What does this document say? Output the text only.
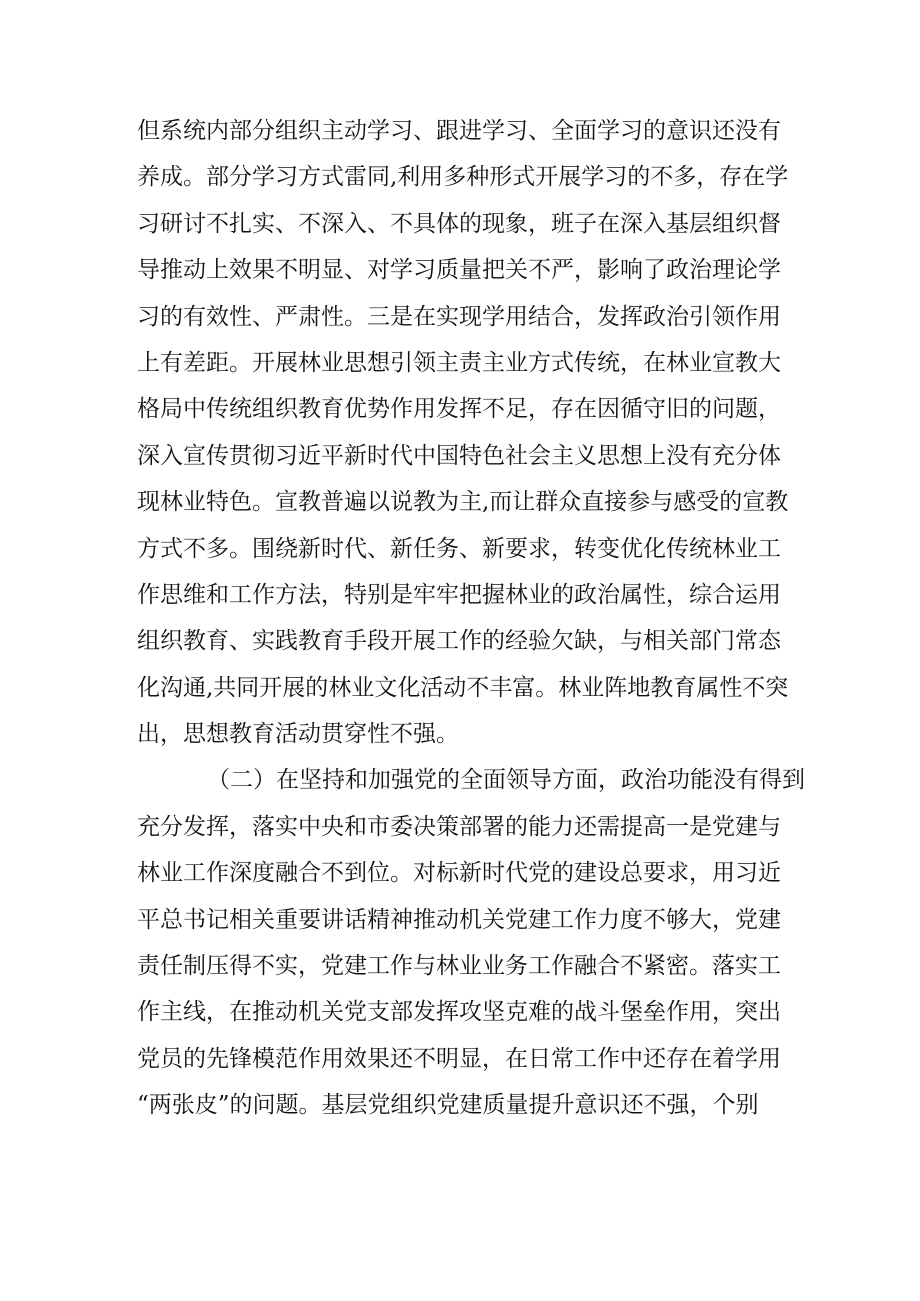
但系统内部分组织主动学习、跟进学习、全面学习的意识还没有
养成。部分学习方式雷同,利用多种形式开展学习的不多，存在学
习研讨不扎实、不深入、不具体的现象，班子在深入基层组织督
导推动上效果不明显、对学习质量把关不严，影响了政治理论学
习的有效性、严肃性。三是在实现学用结合，发挥政治引领作用
上有差距。开展林业思想引领主责主业方式传统，在林业宣教大
格局中传统组织教育优势作用发挥不足，存在因循守旧的问题，
深入宣传贯彻习近平新时代中国特色社会主义思想上没有充分体
现林业特色。宣教普遍以说教为主,而让群众直接参与感受的宣教
方式不多。围绕新时代、新任务、新要求，转变优化传统林业工
作思维和工作方法，特别是牢牢把握林业的政治属性，综合运用
组织教育、实践教育手段开展工作的经验欠缺，与相关部门常态
化沟通,共同开展的林业文化活动不丰富。林业阵地教育属性不突
出，思想教育活动贯穿性不强。
（二）在坚持和加强党的全面领导方面，政治功能没有得到
充分发挥，落实中央和市委决策部署的能力还需提高一是党建与
林业工作深度融合不到位。对标新时代党的建设总要求，用习近
平总书记相关重要讲话精神推动机关党建工作力度不够大，党建
责任制压得不实，党建工作与林业业务工作融合不紧密。落实工
作主线，在推动机关党支部发挥攻坚克难的战斗堡垒作用，突出
党员的先锋模范作用效果还不明显，在日常工作中还存在着学用
“两张皮”的问题。基层党组织党建质量提升意识还不强，个别
